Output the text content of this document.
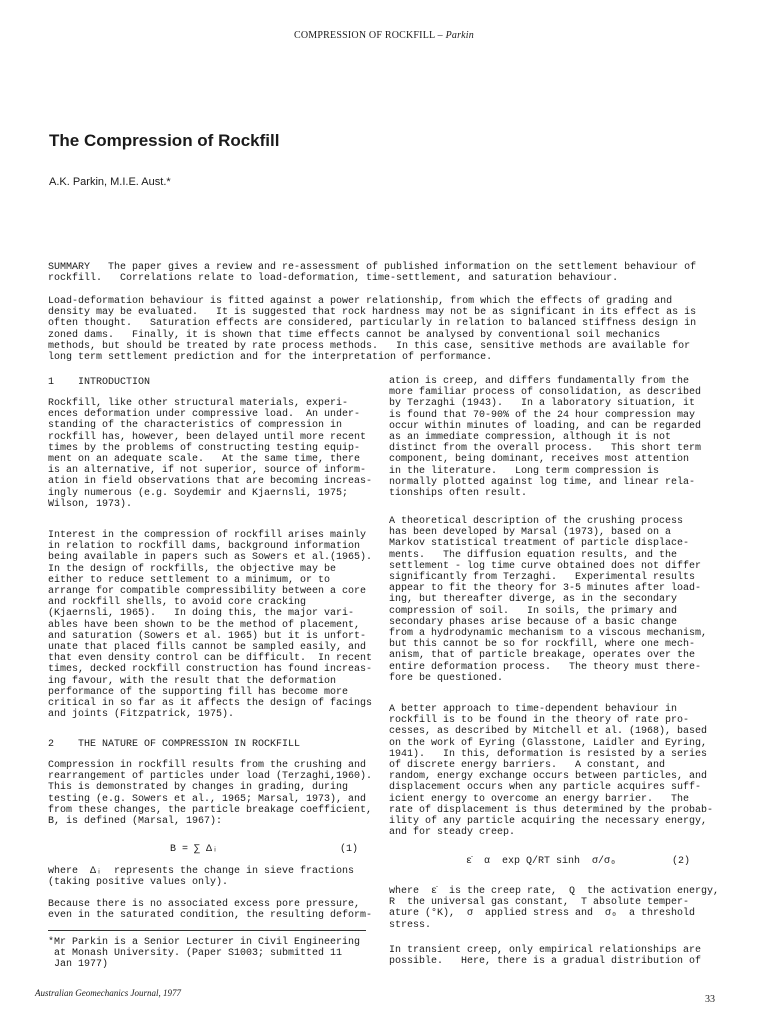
COMPRESSION OF ROCKFILL – Parkin
The Compression of Rockfill
A.K. Parkin, M.I.E. Aust.*
SUMMARY   The paper gives a review and re-assessment of published information on the settlement behaviour of
rockfill.   Correlations relate to load-deformation, time-settlement, and saturation behaviour.
Load-deformation behaviour is fitted against a power relationship, from which the effects of grading and
density may be evaluated.   It is suggested that rock hardness may not be as significant in its effect as is
often thought.   Saturation effects are considered, particularly in relation to balanced stiffness design in
zoned dams.   Finally, it is shown that time effects cannot be analysed by conventional soil mechanics
methods, but should be treated by rate process methods.   In this case, sensitive methods are available for
long term settlement prediction and for the interpretation of performance.
1    INTRODUCTION
Rockfill, like other structural materials, experi-
ences deformation under compressive load.  An under-
standing of the characteristics of compression in
rockfill has, however, been delayed until more recent
times by the problems of constructing testing equip-
ment on an adequate scale.   At the same time, there
is an alternative, if not superior, source of inform-
ation in field observations that are becoming increas-
ingly numerous (e.g. Soydemir and Kjaernsli, 1975;
Wilson, 1973).
Interest in the compression of rockfill arises mainly
in relation to rockfill dams, background information
being available in papers such as Sowers et al.(1965).
In the design of rockfills, the objective may be
either to reduce settlement to a minimum, or to
arrange for compatible compressibility between a core
and rockfill shells, to avoid core cracking
(Kjaernsli, 1965).   In doing this, the major vari-
ables have been shown to be the method of placement,
and saturation (Sowers et al. 1965) but it is unfort-
unate that placed fills cannot be sampled easily, and
that even density control can be difficult.  In recent
times, decked rockfill construction has found increas-
ing favour, with the result that the deformation
performance of the supporting fill has become more
critical in so far as it affects the design of facings
and joints (Fitzpatrick, 1975).
2    THE NATURE OF COMPRESSION IN ROCKFILL
Compression in rockfill results from the crushing and
rearrangement of particles under load (Terzaghi,1960).
This is demonstrated by changes in grading, during
testing (e.g. Sowers et al., 1965; Marsal, 1973), and
from these changes, the particle breakage coefficient,
B, is defined (Marsal, 1967):
B = ∑ Δᵢ	(1)
where  Δᵢ  represents the change in sieve fractions
(taking positive values only).
Because there is no associated excess pore pressure,
even in the saturated condition, the resulting deform-
*Mr Parkin is a Senior Lecturer in Civil Engineering
at Monash University. (Paper S1003; submitted 11
Jan 1977)
ation is creep, and differs fundamentally from the
more familiar process of consolidation, as described
by Terzaghi (1943).   In a laboratory situation, it
is found that 70-90% of the 24 hour compression may
occur within minutes of loading, and can be regarded
as an immediate compression, although it is not
distinct from the overall process.   This short term
component, being dominant, receives most attention
in the literature.   Long term compression is
normally plotted against log time, and linear rela-
tionships often result.
A theoretical description of the crushing process
has been developed by Marsal (1973), based on a
Markov statistical treatment of particle displace-
ments.   The diffusion equation results, and the
settlement - log time curve obtained does not differ
significantly from Terzaghi.   Experimental results
appear to fit the theory for 3-5 minutes after load-
ing, but thereafter diverge, as in the secondary
compression of soil.   In soils, the primary and
secondary phases arise because of a basic change
from a hydrodynamic mechanism to a viscous mechanism,
but this cannot be so for rockfill, where one mech-
anism, that of particle breakage, operates over the
entire deformation process.   The theory must there-
fore be questioned.
A better approach to time-dependent behaviour in
rockfill is to be found in the theory of rate pro-
cesses, as described by Mitchell et al. (1968), based
on the work of Eyring (Glasstone, Laidler and Eyring,
1941).   In this, deformation is resisted by a series
of discrete energy barriers.   A constant, and
random, energy exchange occurs between particles, and
displacement occurs when any particle acquires suff-
icient energy to overcome an energy barrier.   The
rate of displacement is thus determined by the probab-
ility of any particle acquiring the necessary energy,
and for steady creep.
ε̇  α  exp Q/RT sinh  σ/σ₀	(2)
where  ε̇  is the creep rate,  Q  the activation energy,
R  the universal gas constant,  T absolute temper-
ature (°K),  σ  applied stress and  σ₀  a threshold
stress.
In transient creep, only empirical relationships are
possible.   Here, there is a gradual distribution of
Australian Geomechanics Journal, 1977
33
